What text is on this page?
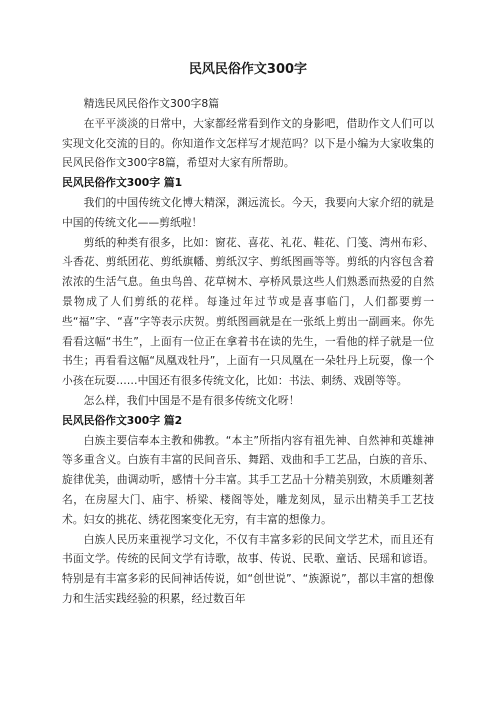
民风民俗作文300字

精选民风民俗作文300字8篇

在平平淡淡的日常中，大家都经常看到作文的身影吧，借助作文人们可以实现文化交流的目的。你知道作文怎样写才规范吗？以下是小编为大家收集的民风民俗作文300字8篇，希望对大家有所帮助。

民风民俗作文300字 篇1

我们的中国传统文化博大精深，渊远流长。今天，我要向大家介绍的就是中国的传统文化——剪纸啦！

剪纸的种类有很多，比如：窗花、喜花、礼花、鞋花、门笺、湾州布彩、斗香花、剪纸团花、剪纸旗幡、剪纸汉字、剪纸图画等等。剪纸的内容包含着浓浓的生活气息。鱼虫鸟兽、花草树木、亭桥风景这些人们熟悉而热爱的自然景物成了人们剪纸的花样。每逢过年过节或是喜事临门，人们都要剪一些“福”字、“喜”字等表示庆贺。剪纸图画就是在一张纸上剪出一副画来。你先看看这幅“书生”，上面有一位正在拿着书在读的先生，一看他的样子就是一位书生；再看看这幅“凤凰戏牡丹”，上面有一只凤凰在一朵牡丹上玩耍，像一个小孩在玩耍……中国还有很多传统文化，比如：书法、刺绣、戏剧等等。

怎么样，我们中国是不是有很多传统文化呀！

民风民俗作文300字 篇2

白族主要信奉本主教和佛教。“本主”所指内容有祖先神、自然神和英雄神等多重含义。白族有丰富的民间音乐、舞蹈、戏曲和手工艺品，白族的音乐、旋律优美，曲调动听，感情十分丰富。其手工艺品十分精美别致，木质雕刻著名，在房屋大门、庙宇、桥梁、楼阁等处，雕龙刻凤，显示出精美手工艺技术。妇女的挑花、绣花图案变化无穷，有丰富的想像力。

白族人民历来重视学习文化，不仅有丰富多彩的民间文学艺术，而且还有书面文学。传统的民间文学有诗歌，故事、传说、民歌、童话、民瑶和谚语。特别是有丰富多彩的民间神话传说，如“创世说”、“族源说”，都以丰富的想像力和生活实践经验的积累，经过数百年
